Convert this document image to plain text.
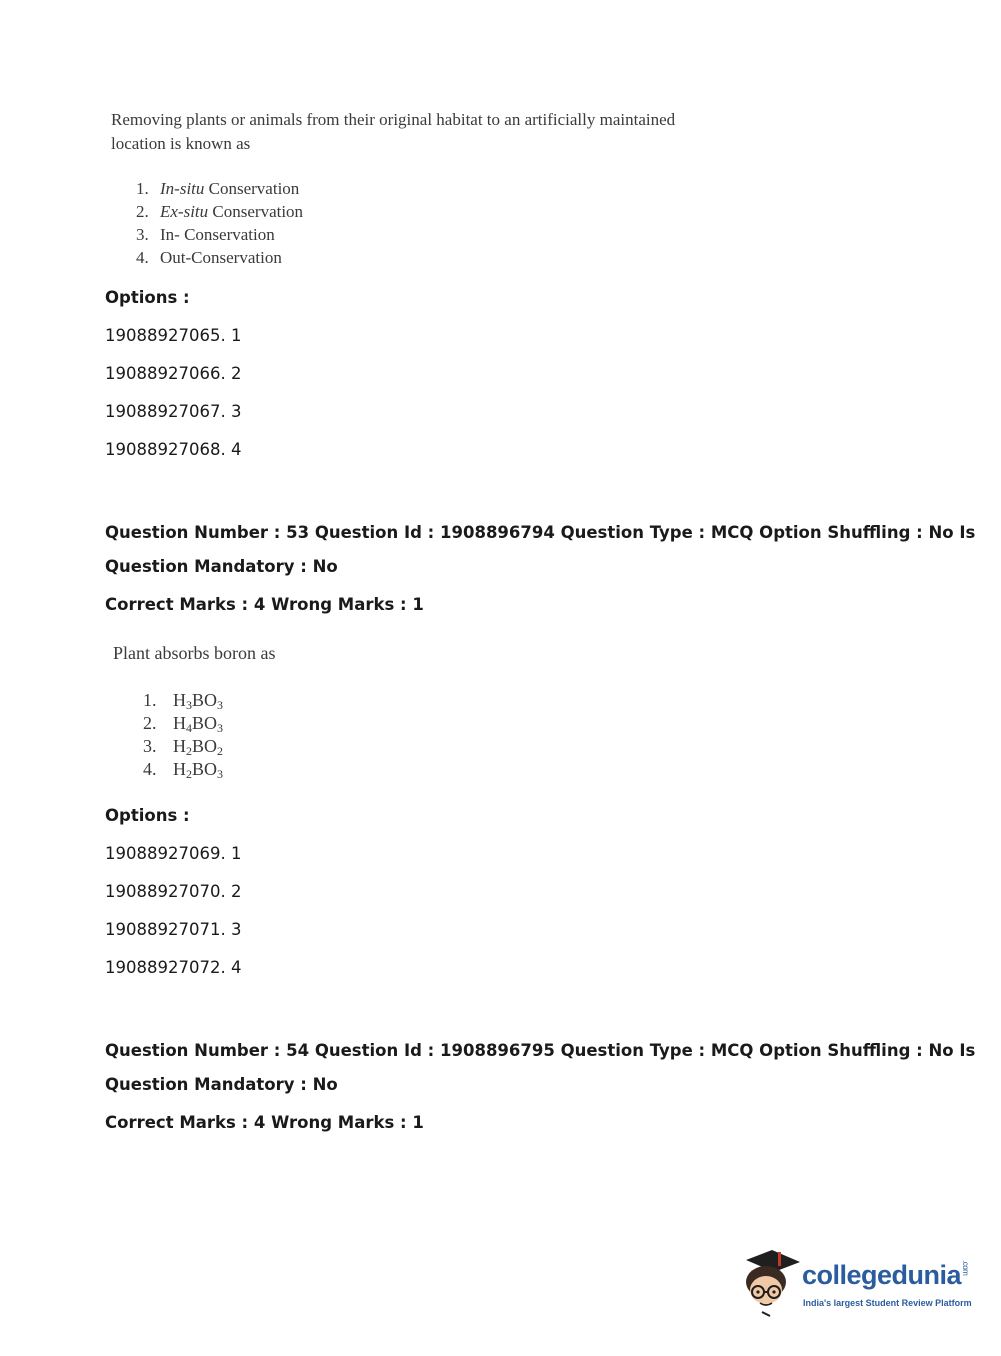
Removing plants or animals from their original habitat to an artificially maintained location is known as
1. In-situ Conservation
2. Ex-situ Conservation
3. In- Conservation
4. Out-Conservation
Options :
19088927065. 1
19088927066. 2
19088927067. 3
19088927068. 4
Question Number : 53 Question Id : 1908896794 Question Type : MCQ Option Shuffling : No Is
Question Mandatory : No
Correct Marks : 4 Wrong Marks : 1
Plant absorbs boron as
1. $H_3BO_3$
2. $H_4BO_3$
3. $H_2BO_2$
4. $H_2BO_3$
Options :
19088927069. 1
19088927070. 2
19088927071. 3
19088927072. 4
Question Number : 54 Question Id : 1908896795 Question Type : MCQ Option Shuffling : No Is
Question Mandatory : No
Correct Marks : 4 Wrong Marks : 1
collegedunia.com
India's largest Student Review Platform
